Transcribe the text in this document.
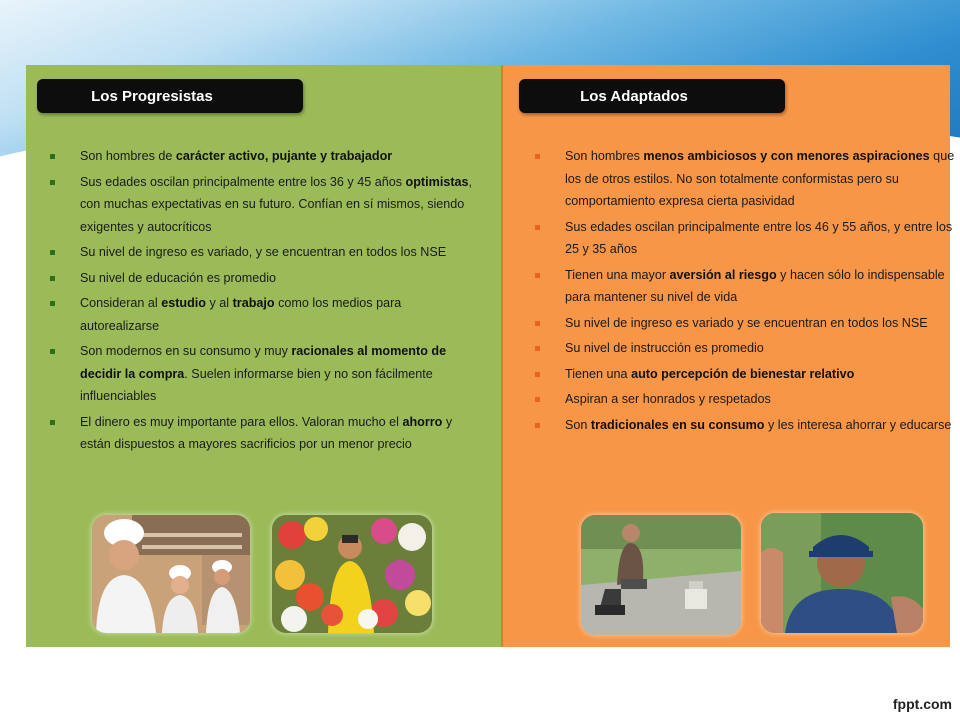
Los Progresistas
Son hombres de carácter activo, pujante y trabajador
Sus edades oscilan principalmente entre los 36 y 45 años optimistas, con muchas expectativas en su futuro. Confían en sí mismos, siendo exigentes y autocríticos
Su nivel de ingreso es variado, y se encuentran en todos los NSE
Su nivel de educación es promedio
Consideran al estudio y al trabajo como los medios para autorealizarse
Son modernos en su consumo y muy racionales al momento de decidir la compra. Suelen informarse bien y no son fácilmente influenciables
El dinero es muy importante para ellos. Valoran mucho el ahorro y están dispuestos a mayores sacrificios por un menor precio
Los Adaptados
Son hombres menos ambiciosos y con menores aspiraciones que los de otros estilos. No son totalmente conformistas pero su comportamiento expresa cierta pasividad
Sus edades oscilan principalmente entre los 46 y 55 años, y entre los 25 y 35 años
Tienen una mayor aversión al riesgo y hacen sólo lo indispensable para mantener su nivel de vida
Su nivel de ingreso es variado y se encuentran en todos los NSE
Su nivel de instrucción es promedio
Tienen una auto percepción de bienestar relativo
Aspiran a ser honrados y respetados
Son tradicionales en su consumo y les interesa ahorrar y educarse
fppt.com
